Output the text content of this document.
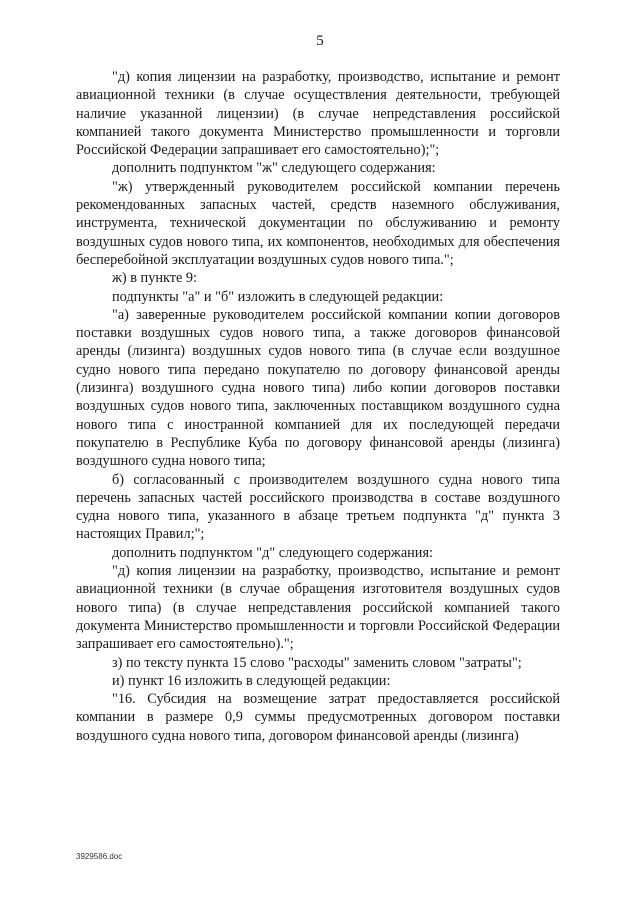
5

"д) копия лицензии на разработку, производство, испытание и ремонт авиационной техники (в случае осуществления деятельности, требующей наличие указанной лицензии) (в случае непредставления российской компанией такого документа Министерство промышленности и торговли Российской Федерации запрашивает его самостоятельно);";

дополнить подпунктом "ж" следующего содержания:

"ж) утвержденный руководителем российской компании перечень рекомендованных запасных частей, средств наземного обслуживания, инструмента, технической документации по обслуживанию и ремонту воздушных судов нового типа, их компонентов, необходимых для обеспечения бесперебойной эксплуатации воздушных судов нового типа.";

ж) в пункте 9:

подпункты "а" и "б" изложить в следующей редакции:

"а) заверенные руководителем российской компании копии договоров поставки воздушных судов нового типа, а также договоров финансовой аренды (лизинга) воздушных судов нового типа (в случае если воздушное судно нового типа передано покупателю по договору финансовой аренды (лизинга) воздушного судна нового типа) либо копии договоров поставки воздушных судов нового типа, заключенных поставщиком воздушного судна нового типа с иностранной компанией для их последующей передачи покупателю в Республике Куба по договору финансовой аренды (лизинга) воздушного судна нового типа;

б) согласованный с производителем воздушного судна нового типа перечень запасных частей российского производства в составе воздушного судна нового типа, указанного в абзаце третьем подпункта "д" пункта 3 настоящих Правил;";

дополнить подпунктом "д" следующего содержания:

"д) копия лицензии на разработку, производство, испытание и ремонт авиационной техники (в случае обращения изготовителя воздушных судов нового типа) (в случае непредставления российской компанией такого документа Министерство промышленности и торговли Российской Федерации запрашивает его самостоятельно).";

з) по тексту пункта 15 слово "расходы" заменить словом "затраты";

и) пункт 16 изложить в следующей редакции:

"16. Субсидия на возмещение затрат предоставляется российской компании в размере 0,9 суммы предусмотренных договором поставки воздушного судна нового типа, договором финансовой аренды (лизинга)

3929586.doc
